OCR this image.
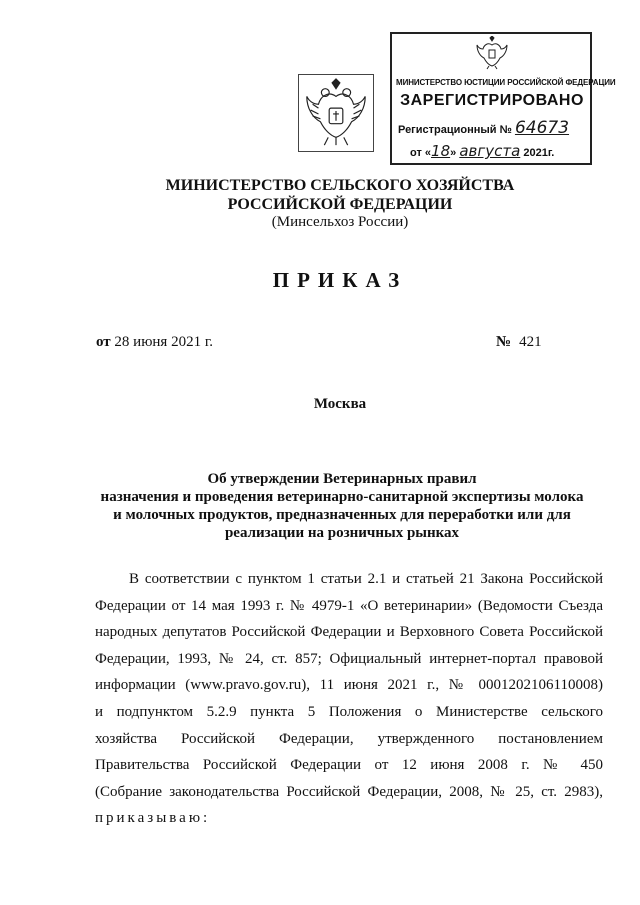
МИНИСТЕРСТВО ЮСТИЦИИ РОССИЙСКОЙ ФЕДЕРАЦИИ
ЗАРЕГИСТРИРОВАНО
Регистрационный № 64673
от «18» августа 2021г.
МИНИСТЕРСТВО СЕЛЬСКОГО ХОЗЯЙСТВА
РОССИЙСКОЙ ФЕДЕРАЦИИ
(Минсельхоз России)
ПРИКАЗ
от 28 июня 2021 г.	№ 421
Москва
Об утверждении Ветеринарных правил
назначения и проведения ветеринарно-санитарной экспертизы молока
и молочных продуктов, предназначенных для переработки или для
реализации на розничных рынках
В соответствии с пунктом 1 статьи 2.1 и статьей 21 Закона Российской
Федерации от 14 мая 1993 г. № 4979-1 «О ветеринарии» (Ведомости Съезда
народных депутатов Российской Федерации и Верховного Совета Российской
Федерации, 1993, № 24, ст. 857; Официальный интернет-портал правовой
информации (www.pravo.gov.ru), 11 июня 2021 г., № 0001202106110008)
и подпунктом 5.2.9 пункта 5 Положения о Министерстве сельского
хозяйства Российской Федерации, утвержденного постановлением
Правительства Российской Федерации от 12 июня 2008 г. № 450
(Собрание законодательства Российской Федерации, 2008, № 25, ст. 2983),
приказываю:
